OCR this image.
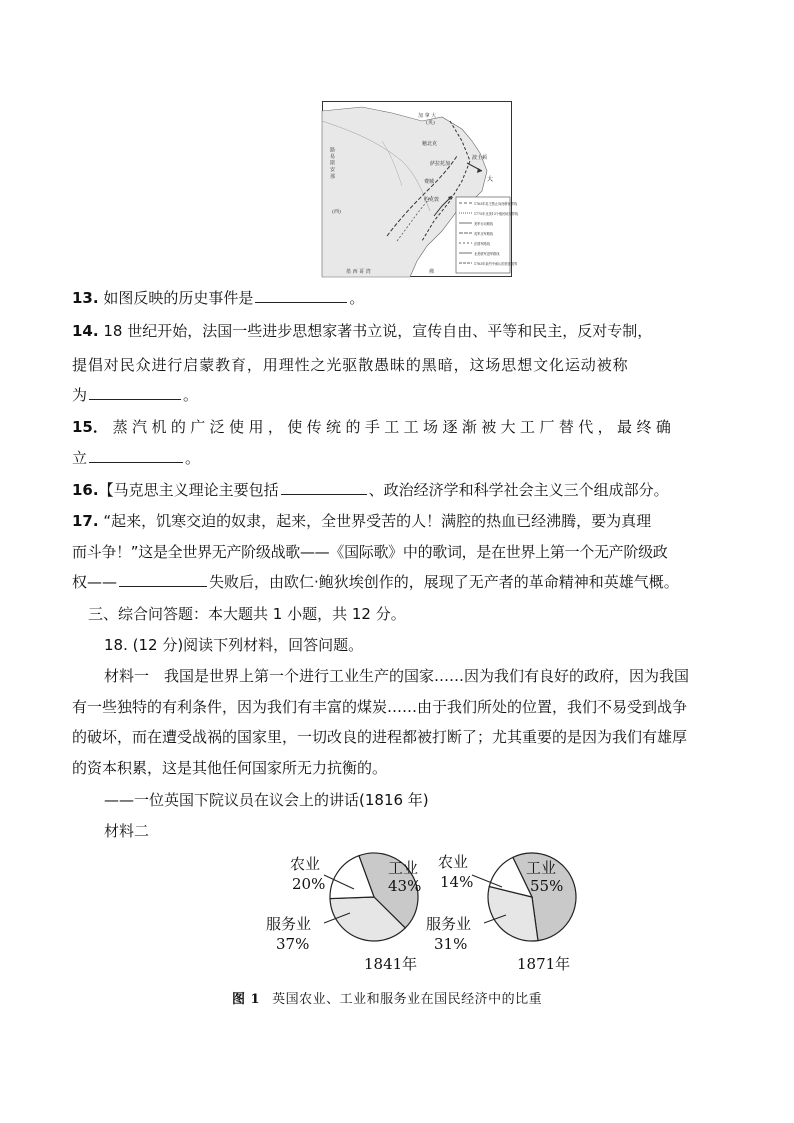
加 拿 大
(英)
路 易 斯 安 那
(西)
墨 西 哥 湾	佛
魁北克
波士顿
萨拉托加
费城
约克敦
大
1763年英王禁止向西移民界线
1775年北美13个殖民地分界线
美军行动路线
英军北军路线
法国军路线
北美联军进军路线
1783年条约中承认的美国国界
13. 如图反映的历史事件是	。
14. 18 世纪开始，法国一些进步思想家著书立说，宣传自由、平等和民主，反对专制，
提倡对民众进行启蒙教育，用理性之光驱散愚昧的黑暗，这场思想文化运动被称
为	。
15． 蒸汽机的广泛使用，使传统的手工工场逐渐被大工厂替代，最终确
立	。
16.【马克思主义理论主要包括	、政治经济学和科学社会主义三个组成部分。
17. “起来，饥寒交迫的奴隶，起来，全世界受苦的人！满腔的热血已经沸腾，要为真理
而斗争！”这是全世界无产阶级战歌——《国际歌》中的歌词，是在世界上第一个无产阶级政
权——	失败后，由欧仁·鲍狄埃创作的，展现了无产者的革命精神和英雄气概。
三、综合问答题：本大题共 1 小题，共 12 分。
18. (12 分)阅读下列材料，回答问题。
材料一　我国是世界上第一个进行工业生产的国家……因为我们有良好的政府，因为我国
有一些独特的有利条件，因为我们有丰富的煤炭……由于我们所处的位置，我们不易受到战争
的破坏，而在遭受战祸的国家里，一切改良的进程都被打断了；尤其重要的是因为我们有雄厚
的资本积累，这是其他任何国家所无力抗衡的。
——一位英国下院议员在议会上的讲话(1816 年)
材料二
工业
43%
服务业
37%
农业
20%
1841年
工业
55%
服务业
31%
农业
14%
1871年
图 1 英国农业、工业和服务业在国民经济中的比重
